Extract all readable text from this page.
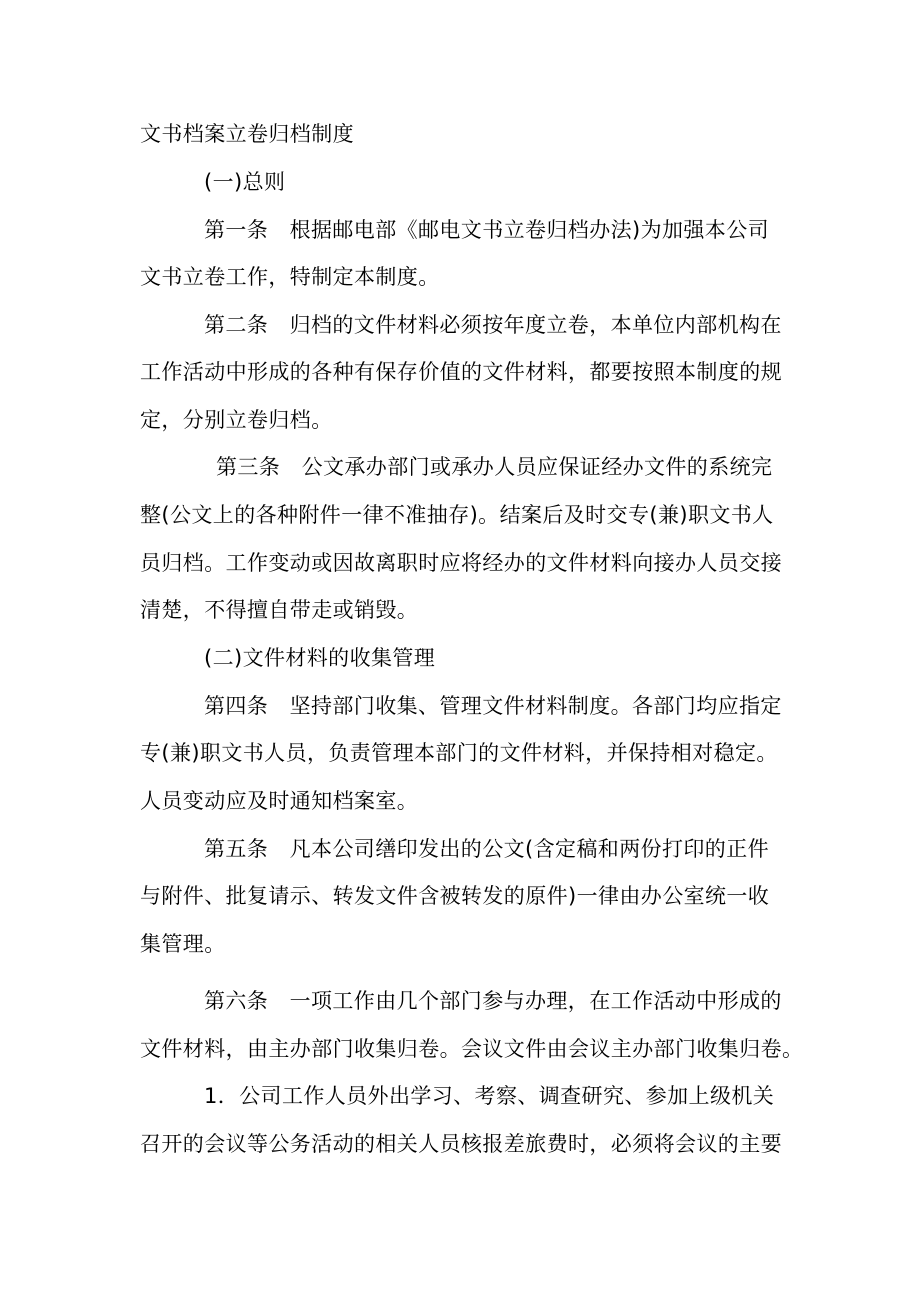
文书档案立卷归档制度
(一)总则
第一条　根据邮电部《邮电文书立卷归档办法)为加强本公司
文书立卷工作，特制定本制度。
第二条　归档的文件材料必须按年度立卷，本单位内部机构在
工作活动中形成的各种有保存价值的文件材料，都要按照本制度的规
定，分别立卷归档。
第三条　公文承办部门或承办人员应保证经办文件的系统完
整(公文上的各种附件一律不准抽存)。结案后及时交专(兼)职文书人
员归档。工作变动或因故离职时应将经办的文件材料向接办人员交接
清楚，不得擅自带走或销毁。
(二)文件材料的收集管理
第四条　坚持部门收集、管理文件材料制度。各部门均应指定
专(兼)职文书人员，负责管理本部门的文件材料，并保持相对稳定。
人员变动应及时通知档案室。
第五条　凡本公司缮印发出的公文(含定稿和两份打印的正件
与附件、批复请示、转发文件含被转发的原件)一律由办公室统一收
集管理。
第六条　一项工作由几个部门参与办理，在工作活动中形成的
文件材料，由主办部门收集归卷。会议文件由会议主办部门收集归卷。
1．公司工作人员外出学习、考察、调查研究、参加上级机关
召开的会议等公务活动的相关人员核报差旅费时，必须将会议的主要
